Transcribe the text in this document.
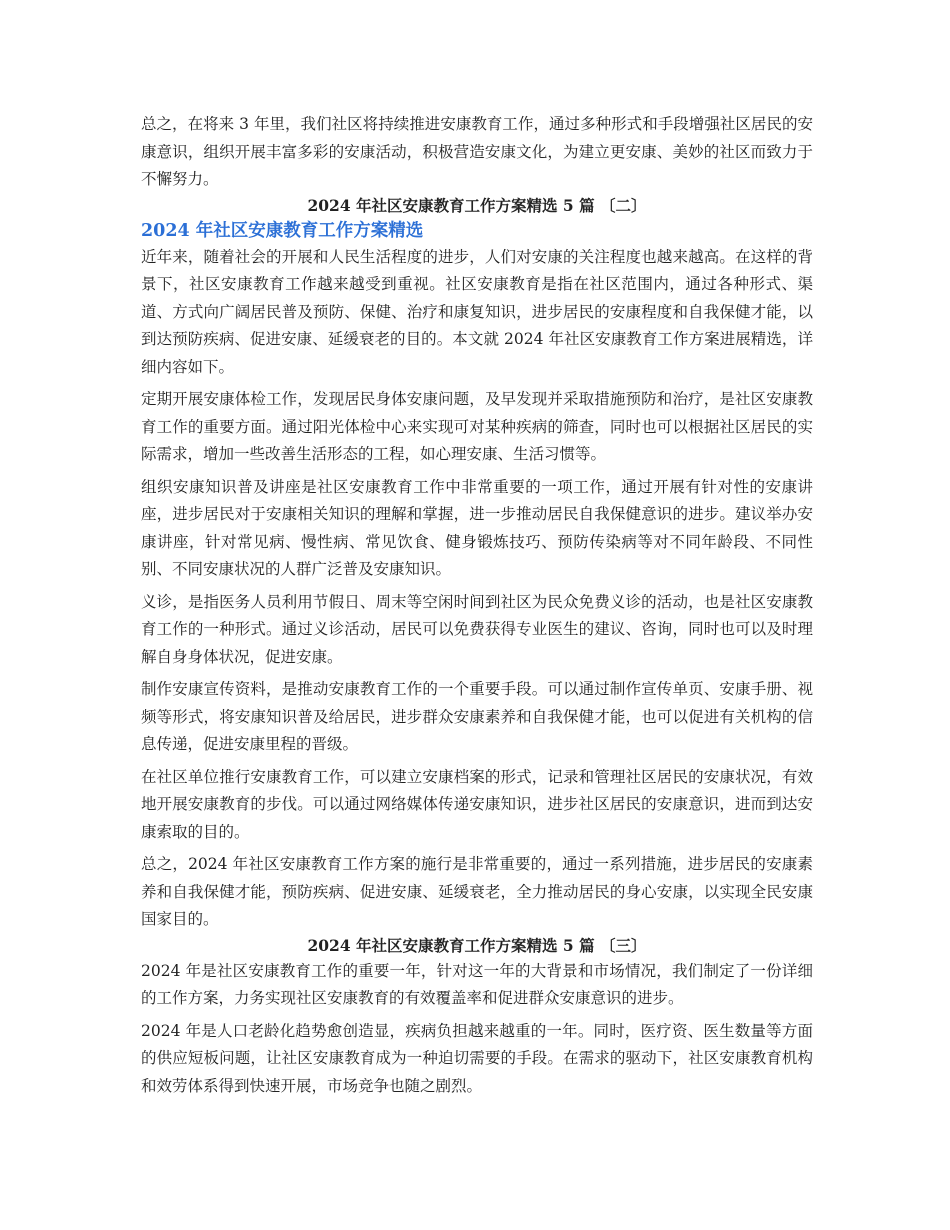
总之，在将来 3 年里，我们社区将持续推进安康教育工作，通过多种形式和手段增强社区居民的安康意识，组织开展丰富多彩的安康活动，积极营造安康文化，为建立更安康、美妙的社区而致力于不懈努力。

2024 年社区安康教育工作方案精选 5 篇 〔二〕
2024 年社区安康教育工作方案精选

近年来，随着社会的开展和人民生活程度的进步，人们对安康的关注程度也越来越高。在这样的背景下，社区安康教育工作越来越受到重视。社区安康教育是指在社区范围内，通过各种形式、渠道、方式向广阔居民普及预防、保健、治疗和康复知识，进步居民的安康程度和自我保健才能，以到达预防疾病、促进安康、延缓衰老的目的。本文就 2024 年社区安康教育工作方案进展精选，详细内容如下。

定期开展安康体检工作，发现居民身体安康问题，及早发现并采取措施预防和治疗，是社区安康教育工作的重要方面。通过阳光体检中心来实现可对某种疾病的筛查，同时也可以根据社区居民的实际需求，增加一些改善生活形态的工程，如心理安康、生活习惯等。

组织安康知识普及讲座是社区安康教育工作中非常重要的一项工作，通过开展有针对性的安康讲座，进步居民对于安康相关知识的理解和掌握，进一步推动居民自我保健意识的进步。建议举办安康讲座，针对常见病、慢性病、常见饮食、健身锻炼技巧、预防传染病等对不同年龄段、不同性别、不同安康状况的人群广泛普及安康知识。

义诊，是指医务人员利用节假日、周末等空闲时间到社区为民众免费义诊的活动，也是社区安康教育工作的一种形式。通过义诊活动，居民可以免费获得专业医生的建议、咨询，同时也可以及时理解自身身体状况，促进安康。

制作安康宣传资料，是推动安康教育工作的一个重要手段。可以通过制作宣传单页、安康手册、视频等形式，将安康知识普及给居民，进步群众安康素养和自我保健才能，也可以促进有关机构的信息传递，促进安康里程的晋级。

在社区单位推行安康教育工作，可以建立安康档案的形式，记录和管理社区居民的安康状况，有效地开展安康教育的步伐。可以通过网络媒体传递安康知识，进步社区居民的安康意识，进而到达安康索取的目的。

总之，2024 年社区安康教育工作方案的施行是非常重要的，通过一系列措施，进步居民的安康素养和自我保健才能，预防疾病、促进安康、延缓衰老，全力推动居民的身心安康，以实现全民安康国家目的。

2024 年社区安康教育工作方案精选 5 篇 〔三〕

2024 年是社区安康教育工作的重要一年，针对这一年的大背景和市场情况，我们制定了一份详细的工作方案，力务实现社区安康教育的有效覆盖率和促进群众安康意识的进步。

2024 年是人口老龄化趋势愈创造显，疾病负担越来越重的一年。同时，医疗资、医生数量等方面的供应短板问题，让社区安康教育成为一种迫切需要的手段。在需求的驱动下，社区安康教育机构和效劳体系得到快速开展，市场竞争也随之剧烈。
